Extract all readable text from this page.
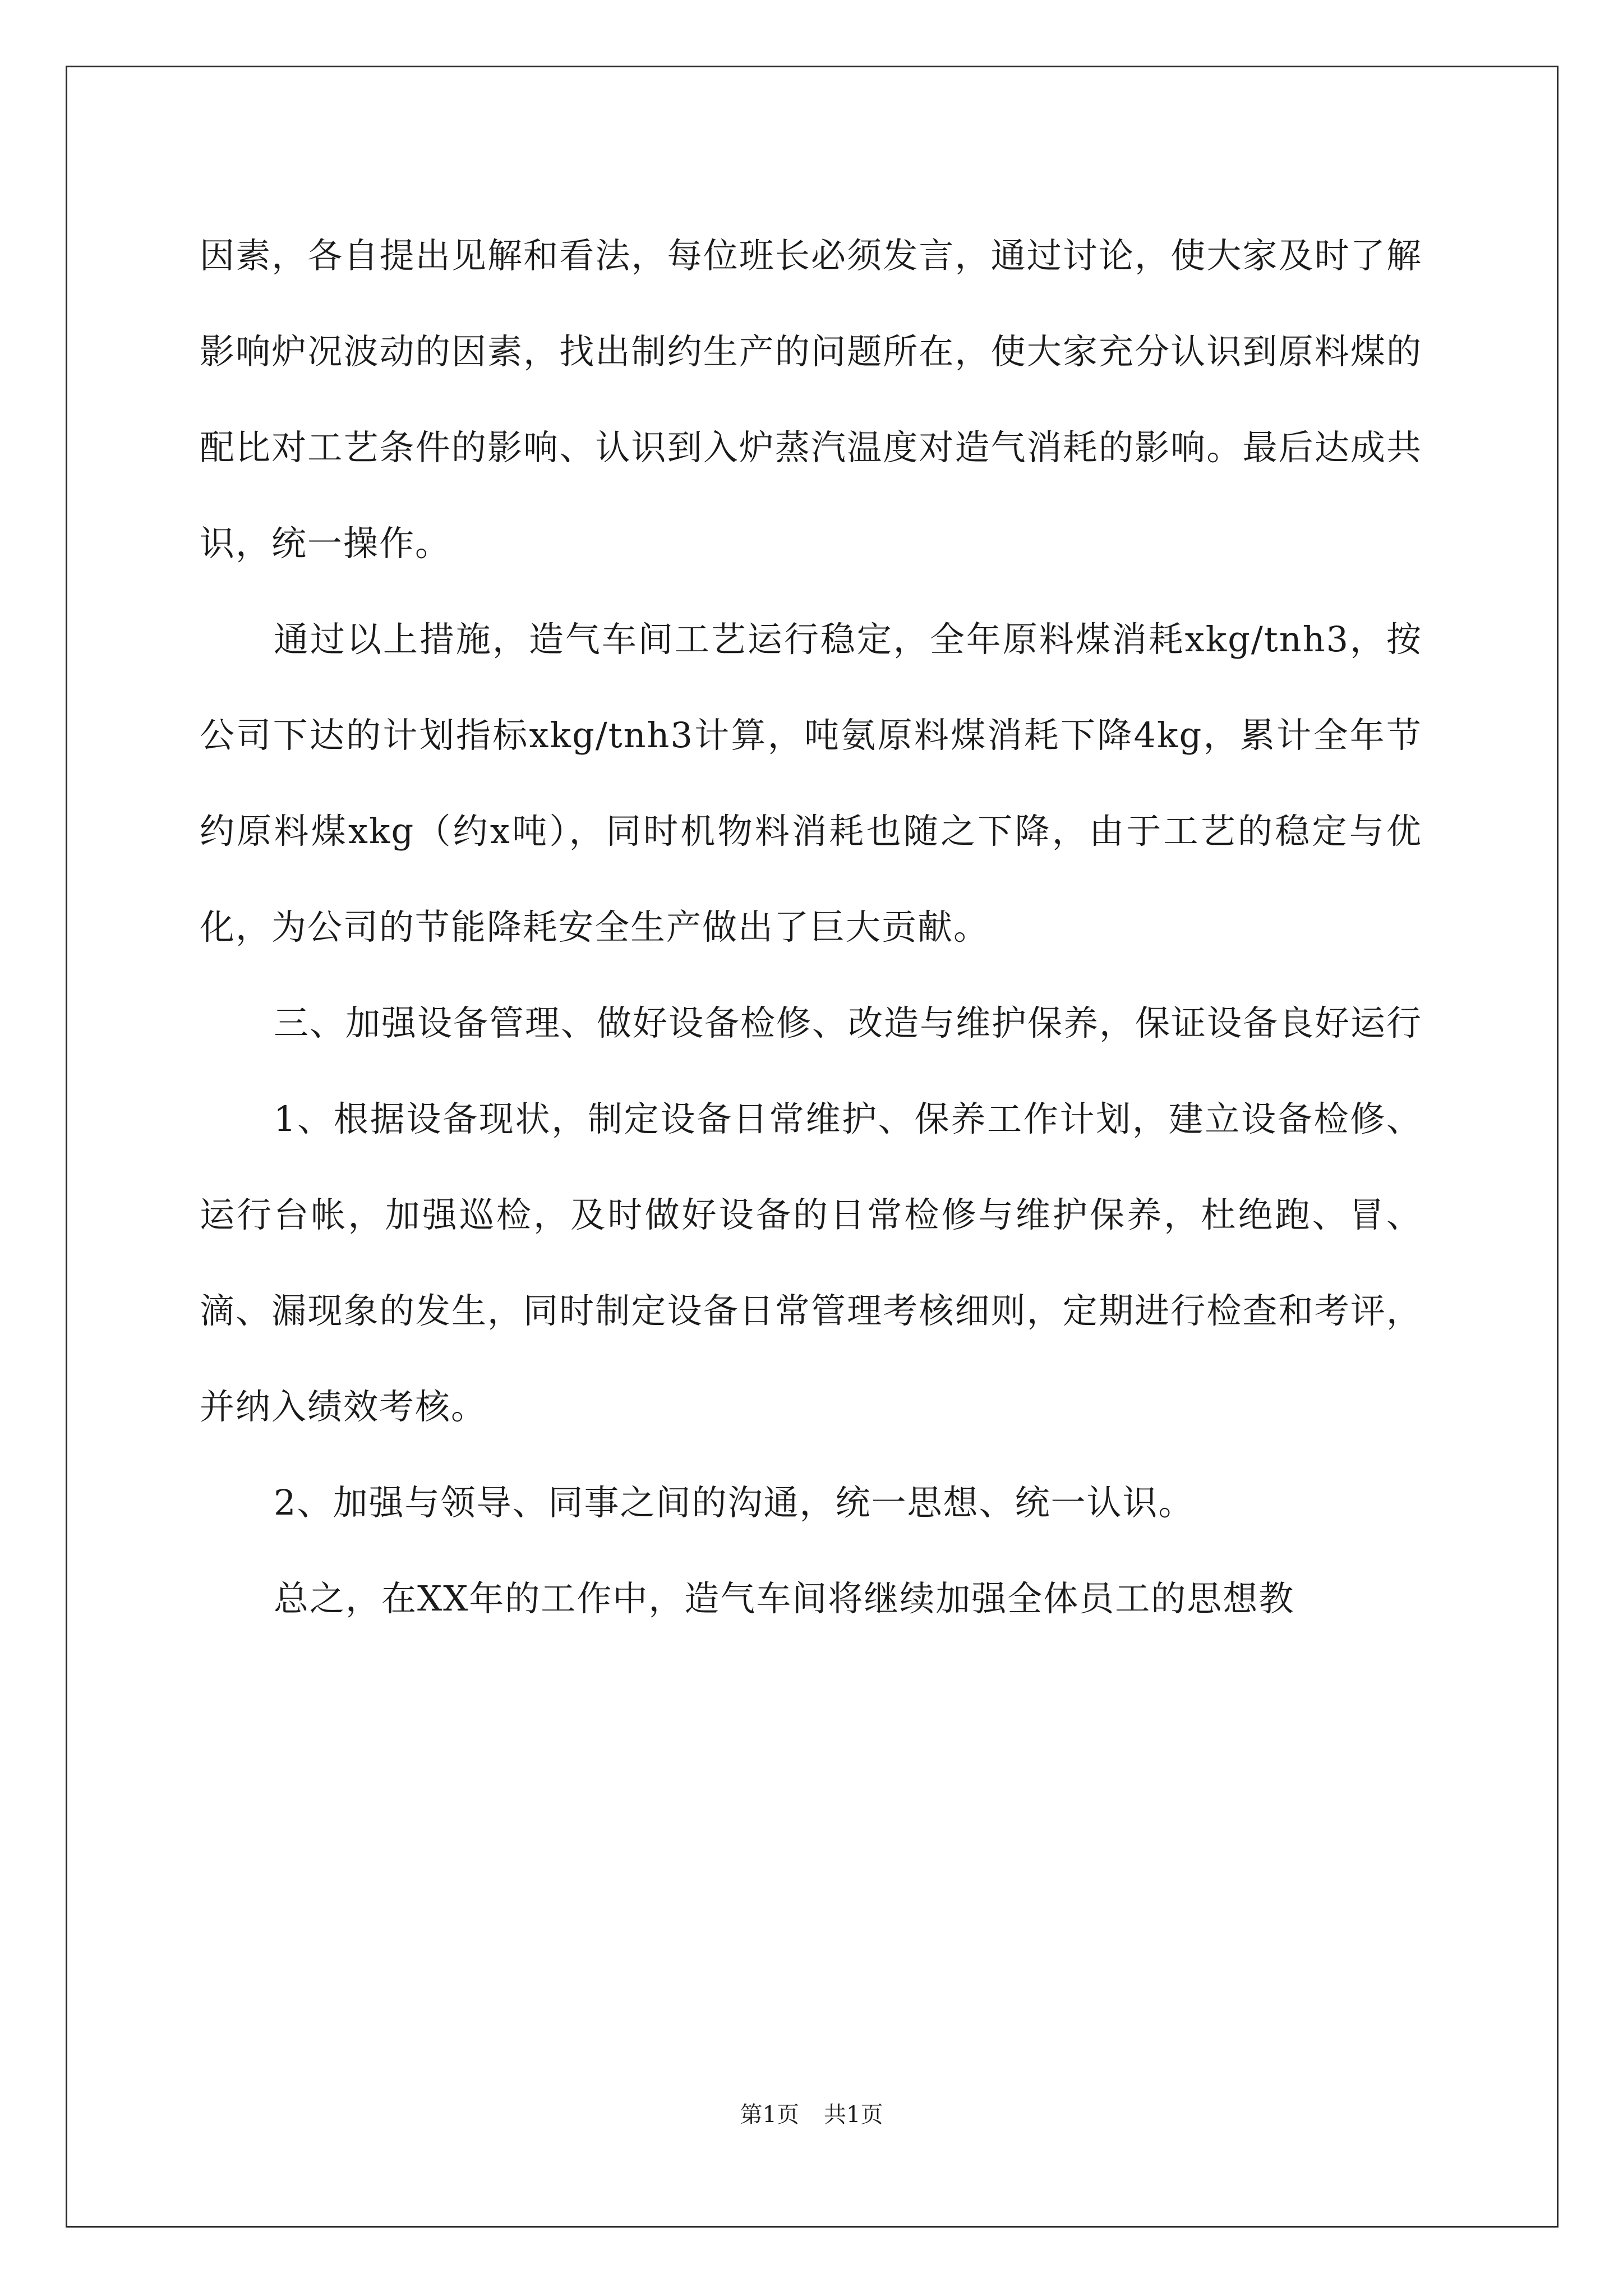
因素，各自提出见解和看法，每位班长必须发言，通过讨论，使大家及时了解影响炉况波动的因素，找出制约生产的问题所在，使大家充分认识到原料煤的配比对工艺条件的影响、认识到入炉蒸汽温度对造气消耗的影响。最后达成共识，统一操作。

通过以上措施，造气车间工艺运行稳定，全年原料煤消耗xkg/tnh3，按公司下达的计划指标xkg/tnh3计算，吨氨原料煤消耗下降4kg，累计全年节约原料煤xkg（约x吨），同时机物料消耗也随之下降，由于工艺的稳定与优化，为公司的节能降耗安全生产做出了巨大贡献。

三、加强设备管理、做好设备检修、改造与维护保养，保证设备良好运行

1、根据设备现状，制定设备日常维护、保养工作计划，建立设备检修、运行台帐，加强巡检，及时做好设备的日常检修与维护保养，杜绝跑、冒、滴、漏现象的发生，同时制定设备日常管理考核细则，定期进行检查和考评，并纳入绩效考核。

2、加强与领导、同事之间的沟通，统一思想、统一认识。

总之，在XX年的工作中，造气车间将继续加强全体员工的思想教

第1页 共1页
